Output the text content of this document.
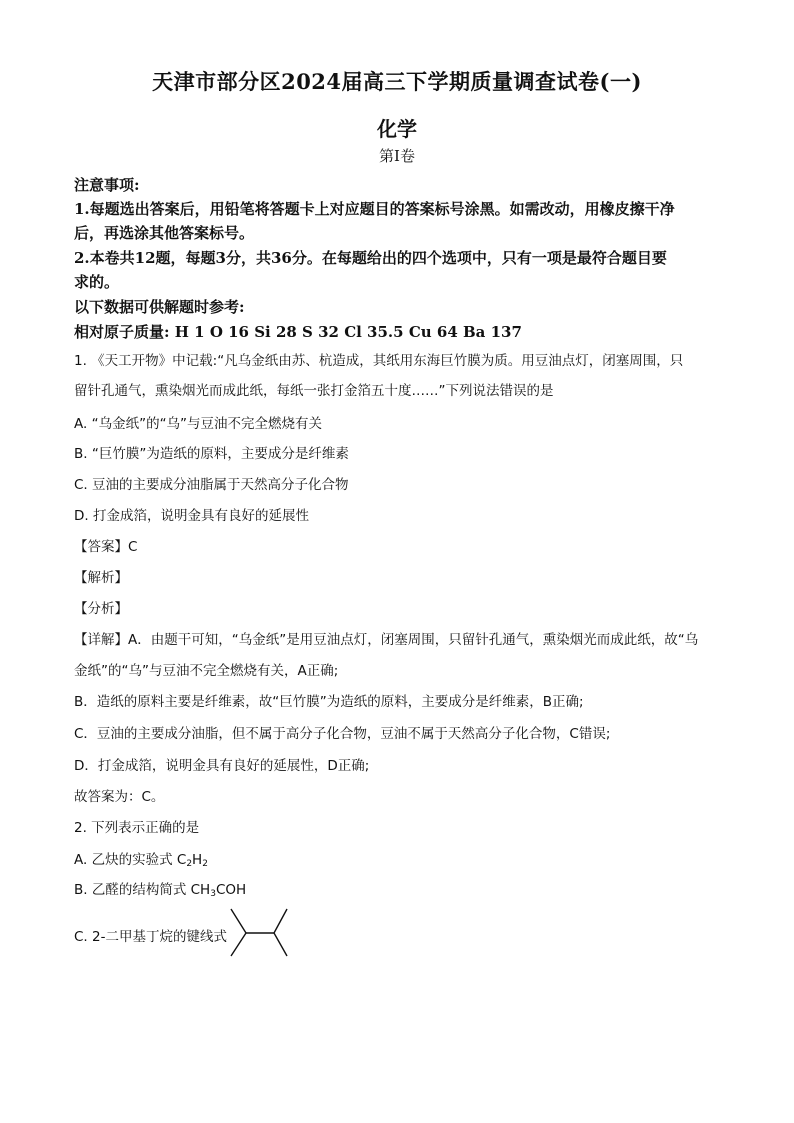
天津市部分区2024届高三下学期质量调查试卷(一)
化学
第Ⅰ卷
注意事项:
1.每题选出答案后，用铅笔将答题卡上对应题目的答案标号涂黑。如需改动，用橡皮擦干净
后，再选涂其他答案标号。
2.本卷共12题，每题3分，共36分。在每题给出的四个选项中，只有一项是最符合题目要
求的。
以下数据可供解题时参考:
相对原子质量: H 1 O 16 Si 28 S 32 Cl 35.5 Cu 64 Ba 137
1. 《天工开物》中记载:“凡乌金纸由苏、杭造成，其纸用东海巨竹膜为质。用豆油点灯，闭塞周围，只
留针孔通气，熏染烟光而成此纸，每纸一张打金箔五十度……”下列说法错误的是
A. “乌金纸”的“乌”与豆油不完全燃烧有关
B. “巨竹膜”为造纸的原料，主要成分是纤维素
C. 豆油的主要成分油脂属于天然高分子化合物
D. 打金成箔，说明金具有良好的延展性
【答案】C
【解析】
【分析】
【详解】A．由题干可知，“乌金纸”是用豆油点灯，闭塞周围，只留针孔通气，熏染烟光而成此纸，故“乌
金纸”的“乌”与豆油不完全燃烧有关，A正确;
B．造纸的原料主要是纤维素，故“巨竹膜”为造纸的原料，主要成分是纤维素，B正确;
C．豆油的主要成分油脂，但不属于高分子化合物，豆油不属于天然高分子化合物，C错误;
D．打金成箔，说明金具有良好的延展性，D正确;
故答案为：C。
2. 下列表示正确的是
A. 乙炔的实验式 $C_2H_2$
B. 乙醛的结构简式 $CH_3COH$
C. 2-二甲基丁烷的键线式
